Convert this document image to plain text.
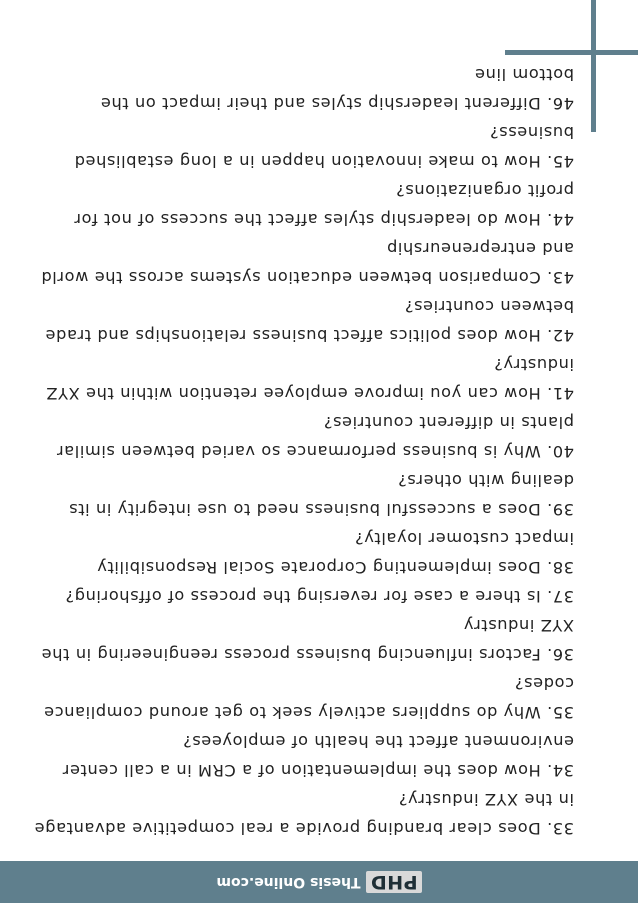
PHD
Thesis Online.com
33. Does clear branding provide a real competitive advantage
in the XYZ industry?
34. How does the implementation of a CRM in a call center
environment affect the health of employees?
35. Why do suppliers actively seek to get around compliance
codes?
36. Factors influencing business process reengineering in the
XYZ industry
37. Is there a case for reversing the process of offshoring?
38. Does implementing Corporate Social Responsibility
impact customer loyalty?
39. Does a successful business need to use integrity in its
dealing with others?
40. Why is business performance so varied between similar
plants in different countries?
41. How can you improve employee retention within the XYZ
industry?
42. How does politics affect business relationships and trade
between countries?
43. Comparison between education systems across the world
and entrepreneurship
44. How do leadership styles affect the success of not for
profit organizations?
45. How to make innovation happen in a long established
business?
46. Different leadership styles and their impact on the
bottom line
